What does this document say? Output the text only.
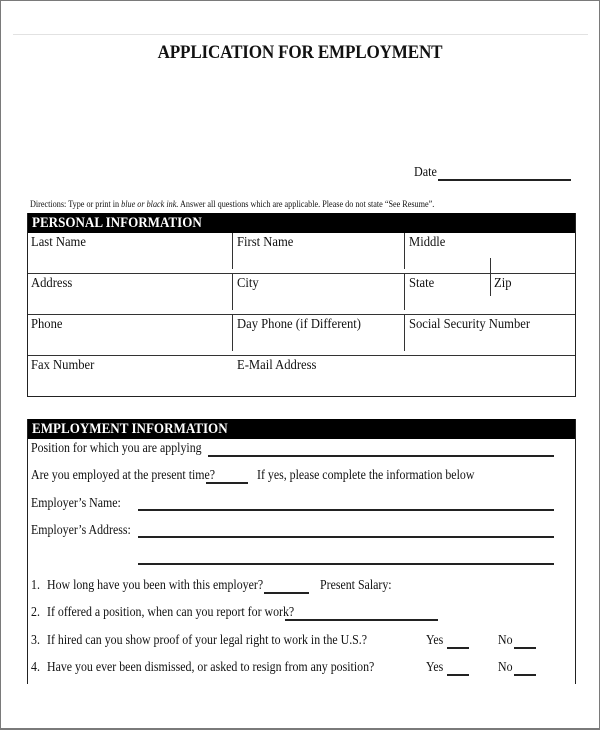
APPLICATION FOR EMPLOYMENT
Date
Directions: Type or print in blue or black ink. Answer all questions which are applicable. Please do not state “See Resume”.
PERSONAL INFORMATION
Last Name	First Name	Middle
Address	City	State	Zip
Phone	Day Phone (if Different)	Social Security Number
Fax Number	E-Mail Address
EMPLOYMENT INFORMATION
Position for which you are applying
Are you employed at the present time?	If yes, please complete the information below
Employer’s Name:
Employer’s Address:
1. How long have you been with this employer?	Present Salary:
2. If offered a position, when can you report for work?
3. If hired can you show proof of your legal right to work in the U.S.?	Yes	No
4. Have you ever been dismissed, or asked to resign from any position?	Yes	No
